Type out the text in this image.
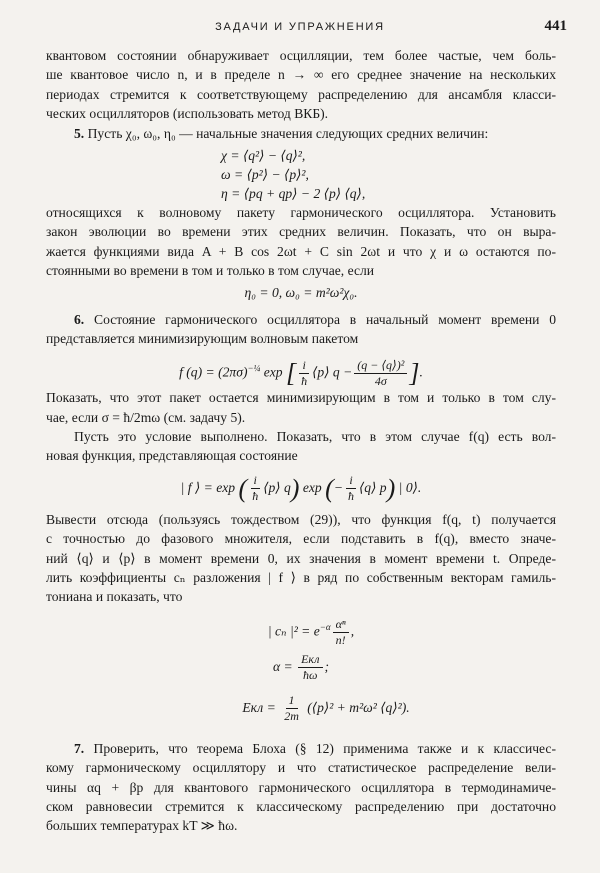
ЗАДАЧИ И УПРАЖНЕНИЯ	441
квантовом состоянии обнаруживает осцилляции, тем более частые, чем боль-
ше квантовое число n, и в пределе n → ∞ его среднее значение на нескольких
периодах стремится к соответствующему распределению для ансамбля класси-
ческих осцилляторов (использовать метод ВКБ).
5. Пусть χ₀, ω₀, η₀ — начальные значения следующих средних величин:
χ = ⟨q²⟩ − ⟨q⟩²,
ω = ⟨p²⟩ − ⟨p⟩²,
η = ⟨pq + qp⟩ − 2 ⟨p⟩ ⟨q⟩,
относящихся к волновому пакету гармонического осциллятора. Установить
закон эволюции во времени этих средних величин. Показать, что он выра-
жается функциями вида A + B cos 2ωt + C sin 2ωt и что χ и ω остаются по-
стоянными во времени в том и только в том случае, если
η₀ = 0, ω₀ = m²ω²χ₀.
6. Состояние гармонического осциллятора в начальный момент времени 0
представляется минимизирующим волновым пакетом
f $(q) = (2\pi\sigma)^{-\frac{1}{4}}$ exp [ $\frac{i}{ħ}$ ⟨p⟩ $q - \frac{\text{(q − ⟨q⟩)²}}{4\sigma}$ ].
Показать, что этот пакет остается минимизирующим в том и только в том слу-
чае, если σ = ħ/2mω (см. задачу 5).
Пусть это условие выполнено. Показать, что в этом случае f(q) есть вол-
новая функция, представляющая состояние
| f ⟩ = exp ( $\frac{i}{ħ}$ ⟨p⟩ q) exp (− $\frac{i}{ħ}$ ⟨q⟩ p) | 0⟩.
Вывести отсюда (пользуясь тождеством (29)), что функция f(q, t) получается
с точностью до фазового множителя, если подставить в f(q), вместо значе-
ний ⟨q⟩ и ⟨p⟩ в момент времени 0, их значения в момент времени t. Опреде-
лить коэффициенты cₙ разложения | f ⟩ в ряд по собственным векторам гамиль-
тониана и показать, что
| cₙ $|^2 = e^{-\alpha} \frac{\text{αⁿ}}{n!}$ ,
$\alpha = \frac{\text{Eкл}}{ħ\omega}$ ;
Eкл = $\frac{1}{2m}$ (⟨p⟩² + m²ω² ⟨q⟩²).
7. Проверить, что теорема Блоха (§ 12) применима также и к классичес-
кому гармоническому осциллятору и что статистическое распределение вели-
чины αq + βp для квантового гармонического осциллятора в термодинамиче-
ском равновесии стремится к классическому распределению при достаточно
больших температурах kT ≫ ħω.
